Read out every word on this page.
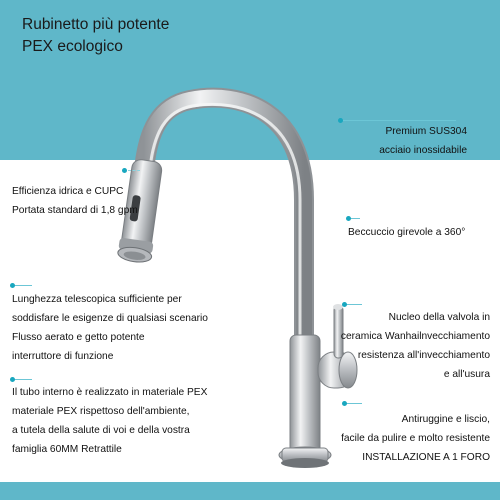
Rubinetto più potente
PEX ecologico
Premium SUS304
acciaio inossidabile
Efficienza idrica e CUPC
Portata standard di 1,8 gpm
Beccuccio girevole a 360°
Lunghezza telescopica sufficiente per
soddisfare le esigenze di qualsiasi scenario
Flusso aerato e getto potente
interruttore di funzione
Nucleo della valvola in
ceramica Wanhailnvecchiamento
resistenza all'invecchiamento
e all'usura
Il tubo interno è realizzato in materiale PEX
materiale PEX rispettoso dell'ambiente,
a tutela della salute di voi e della vostra
famiglia 60MM Retrattile
Antiruggine e liscio,
facile da pulire e molto resistente
INSTALLAZIONE A 1 FORO
